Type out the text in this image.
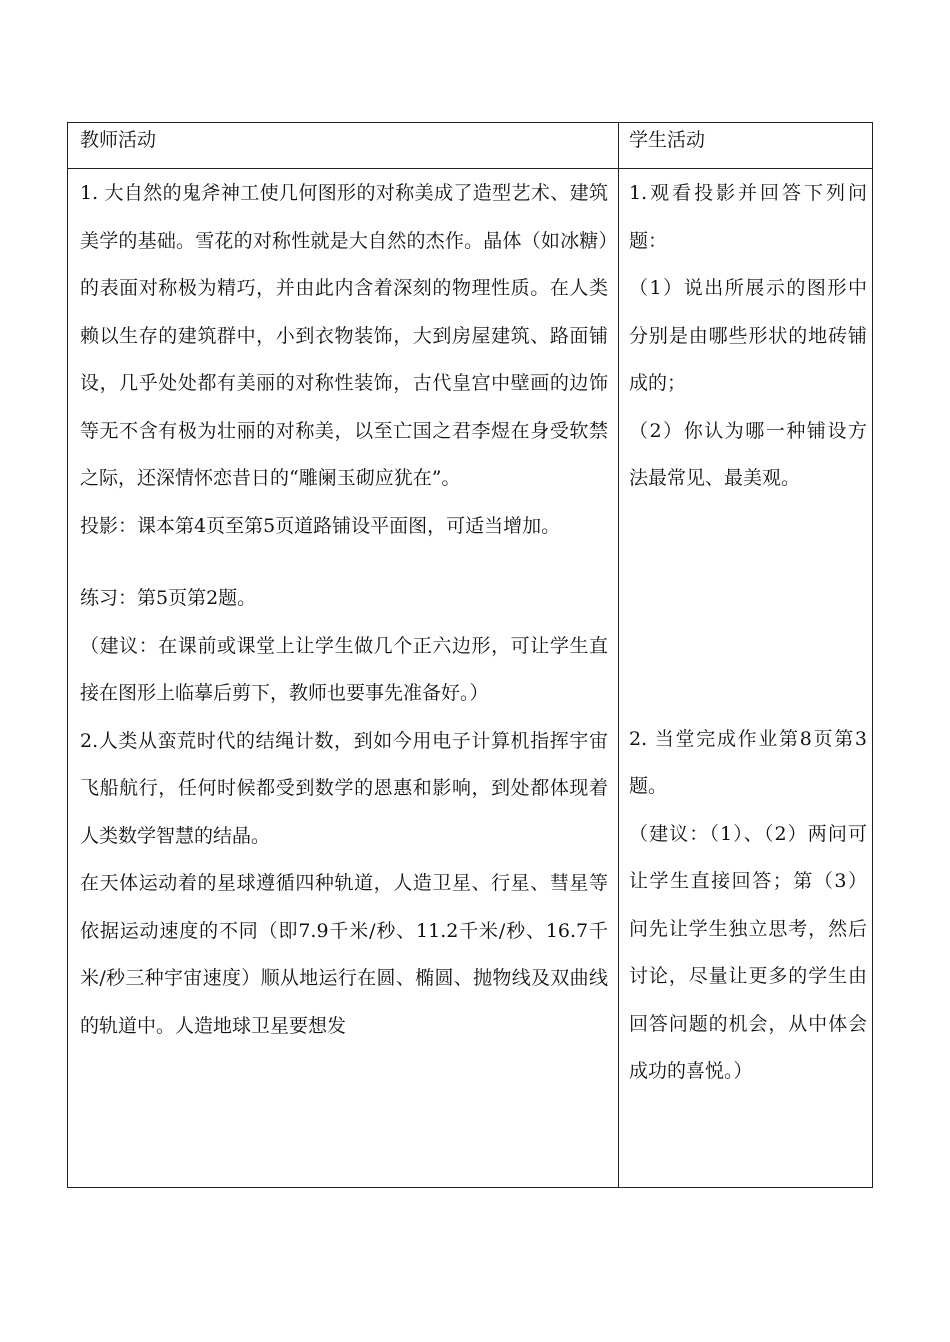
教师活动	学生活动

1. 大自然的鬼斧神工使几何图形的对称美成了造型艺术、建筑美学的基础。雪花的对称性就是大自然的杰作。晶体（如冰糖）的表面对称极为精巧，并由此内含着深刻的物理性质。在人类赖以生存的建筑群中，小到衣物装饰，大到房屋建筑、路面铺设，几乎处处都有美丽的对称性装饰，古代皇宫中壁画的边饰等无不含有极为壮丽的对称美，以至亡国之君李煜在身受软禁之际，还深情怀恋昔日的“雕阑玉砌应犹在”。

投影：课本第4页至第5页道路铺设平面图，可适当增加。

练习：第5页第2题。

（建议：在课前或课堂上让学生做几个正六边形，可让学生直接在图形上临摹后剪下，教师也要事先准备好。）

2.人类从蛮荒时代的结绳计数，到如今用电子计算机指挥宇宙飞船航行，任何时候都受到数学的恩惠和影响，到处都体现着人类数学智慧的结晶。

在天体运动着的星球遵循四种轨道，人造卫星、行星、彗星等依据运动速度的不同（即7.9千米/秒、11.2千米/秒、16.7千米/秒三种宇宙速度）顺从地运行在圆、椭圆、抛物线及双曲线的轨道中。人造地球卫星要想发

1.观看投影并回答下列问题：

（1）说出所展示的图形中分别是由哪些形状的地砖铺成的；

（2）你认为哪一种铺设方法最常见、最美观。

2. 当堂完成作业第8页第3题。

（建议：（1）、（2）两问可让学生直接回答；第（3）问先让学生独立思考，然后讨论，尽量让更多的学生由回答问题的机会，从中体会成功的喜悦。）
